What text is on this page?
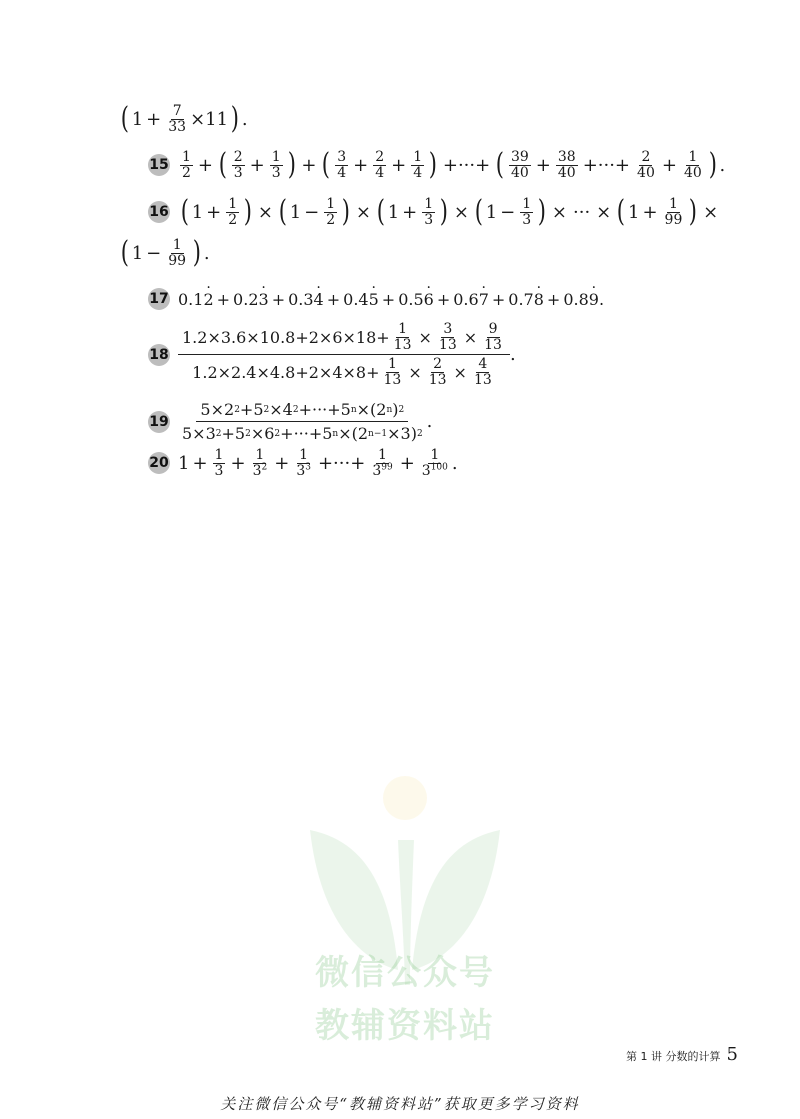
( $1 + \frac{7}{33} \times 11$ ) .
$15 \frac{1}{2}$ + ( $\frac{2}{3} + \frac{1}{3}$ ) + ( $\frac{3}{4} + \frac{2}{4} + \frac{1}{4}$ ) +···+ ( $\frac{39}{40} + \frac{38}{40}$ +···+ $\frac{2}{40} + \frac{1}{40}$ ) .
16 ( $1 + \frac{1}{2}$ ) × ( $1 - \frac{1}{2}$ ) × ( $1 + \frac{1}{3}$ ) × ( $1 - \frac{1}{3}$ ) × ··· × ( $1 + \frac{1}{99}$ ) ×
( $1 - \frac{1}{99}$ ) .
17 0.1 · 2 + 0.2 · 3 + 0.3 · 4 + 0.4 · 5 + 0.5 · 6 + 0.6 · 7 + 0.7 · 8 + 0.8 · 9 .
18
$1.2\times 3.6\times 10.8+2\times 6\times 18+ \frac{1}{13} \times \frac{3}{13} \times \frac{9}{13}$
$1.2\times 2.4\times 4.8+2\times 4\times 8+ \frac{1}{13} \times \frac{2}{13} \times \frac{4}{13}$
.
19
5×2 2 +5 2 ×4 2 +···+5 n ×(2 n ) 2
5×3 2 +5 2 ×6 2 +···+5 n ×(2 n−1 ×3) 2
.
20 $1 + \frac{1}{3} + \frac{1}{3^2} + \frac{1}{3^3}$ +···+ $\frac{1}{3^{99}} + \frac{1}{3^{100}}$ .
微信公众号
教辅资料站
第 1 讲 分数的计算 5
关注微信公众号“教辅资料站”获取更多学习资料
